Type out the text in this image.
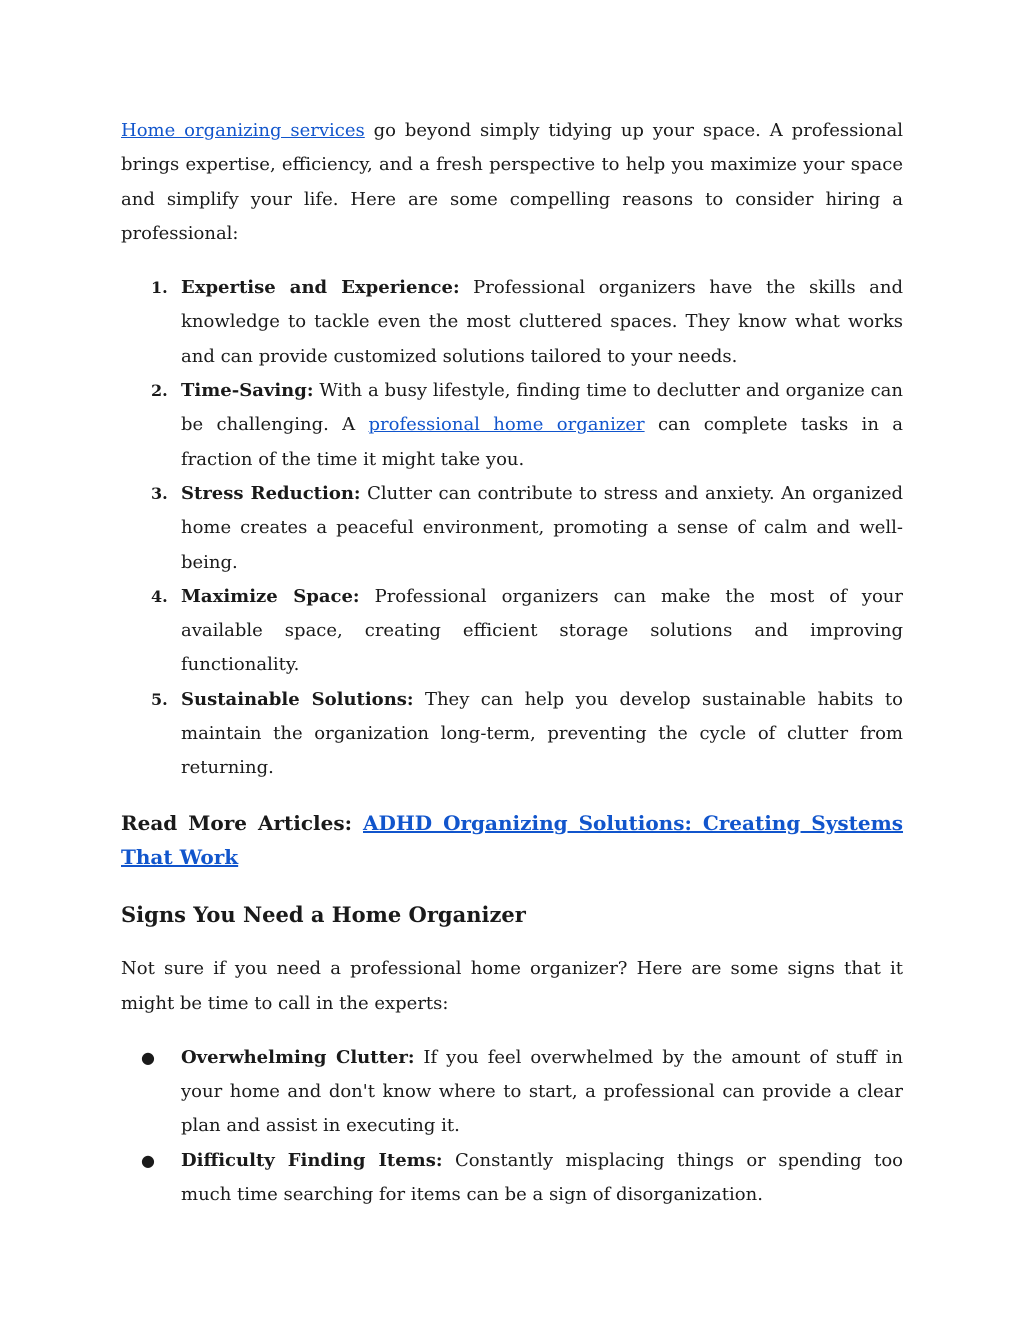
Home organizing services go beyond simply tidying up your space. A professional brings expertise, efficiency, and a fresh perspective to help you maximize your space and simplify your life. Here are some compelling reasons to consider hiring a professional:

1. Expertise and Experience: Professional organizers have the skills and knowledge to tackle even the most cluttered spaces. They know what works and can provide customized solutions tailored to your needs.
2. Time-Saving: With a busy lifestyle, finding time to declutter and organize can be challenging. A professional home organizer can complete tasks in a fraction of the time it might take you.
3. Stress Reduction: Clutter can contribute to stress and anxiety. An organized home creates a peaceful environment, promoting a sense of calm and well-being.
4. Maximize Space: Professional organizers can make the most of your available space, creating efficient storage solutions and improving functionality.
5. Sustainable Solutions: They can help you develop sustainable habits to maintain the organization long-term, preventing the cycle of clutter from returning.

Read More Articles: ADHD Organizing Solutions: Creating Systems That Work

Signs You Need a Home Organizer

Not sure if you need a professional home organizer? Here are some signs that it might be time to call in the experts:

● Overwhelming Clutter: If you feel overwhelmed by the amount of stuff in your home and don't know where to start, a professional can provide a clear plan and assist in executing it.
● Difficulty Finding Items: Constantly misplacing things or spending too much time searching for items can be a sign of disorganization.
